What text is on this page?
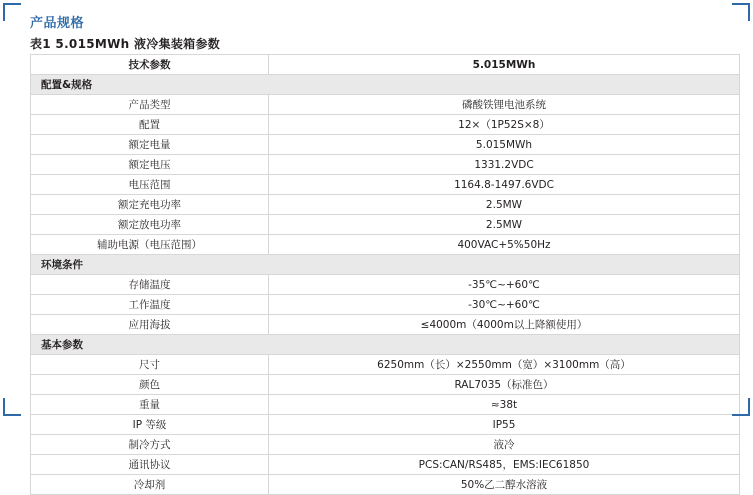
产品规格
表1 5.015MWh 液冷集装箱参数
技术参数	5.015MWh
配置&规格	
产品类型	磷酸铁锂电池系统
配置	12×（1P52S×8）
额定电量	5.015MWh
额定电压	1331.2VDC
电压范围	1164.8-1497.6VDC
额定充电功率	2.5MW
额定放电功率	2.5MW
辅助电源（电压范围）	400VAC+5%50Hz
环境条件	
存储温度	-35℃~+60℃
工作温度	-30℃~+60℃
应用海拔	≤4000m（4000m以上降额使用）
基本参数	
尺寸	6250mm（长）×2550mm（宽）×3100mm（高）
颜色	RAL7035（标准色）
重量	≈38t
IP 等级	IP55
制冷方式	液冷
通讯协议	PCS:CAN/RS485，EMS:IEC61850
冷却剂	50%乙二醇水溶液
